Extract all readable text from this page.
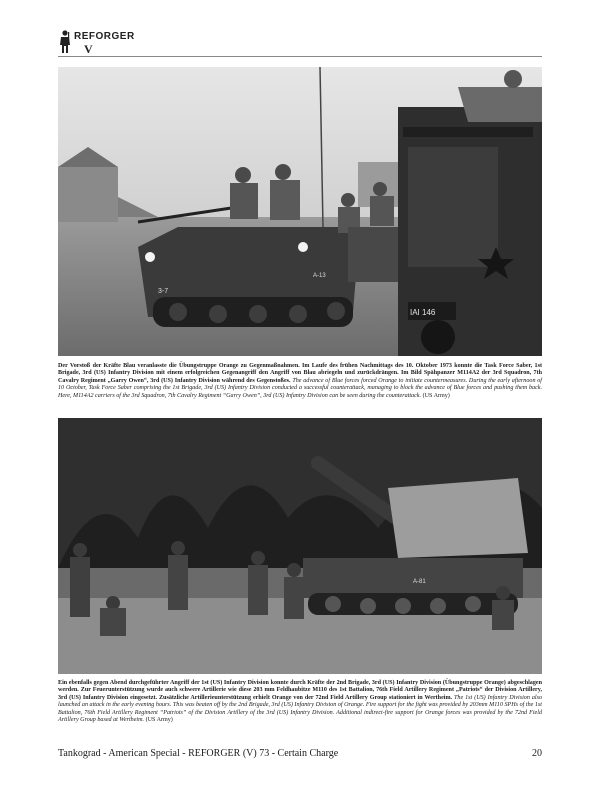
REFORGER
V
3-7
A-13
IAI 146
Der Vorstoß der Kräfte Blau veranlasste die Übungstruppe Orange zu Gegenmaßnahmen. Im Laufe des frühen Nachmittags des 10. Oktober 1973 konnte die Task Force Saber, 1st Brigade, 3rd (US) Infantry Division mit einem erfolgreichen Gegenangriff den Angriff von Blau abriegeln und zurückdrängen. Im Bild Spähpanzer M114A2 der 3rd Squadron, 7th Cavalry Regiment „Garry Owen“, 3rd (US) Infantry Division während des Gegenstoßes. The advance of Blue forces forced Orange to initiate countermeasures. During the early afternoon of 10 October, Task Force Saber comprising the 1st Brigade, 3rd (US) Infantry Division conducted a successful counterattack, managing to block the advance of Blue forces and pushing them back. Here, M114A2 carriers of the 3rd Squadron, 7th Cavalry Regiment “Garry Owen”, 3rd (US) Infantry Division can be seen during the counterattack. (US Army)
A-81
Ein ebenfalls gegen Abend durchgeführter Angriff der 1st (US) Infantry Division konnte durch Kräfte der 2nd Brigade, 3rd (US) Infantry Division (Übungstruppe Orange) abgeschlagen werden. Zur Feuerunterstützung wurde auch schwere Artillerie wie diese 203 mm Feldhaubitze M110 des 1st Battalion, 76th Field Artillery Regiment „Patriots“ der Division Artillery, 3rd (US) Infantry Division eingesetzt. Zusätzliche Artillerieunterstützung erhielt Orange von der 72nd Field Artillery Group stationiert in Wertheim. The 1st (US) Infantry Division also launched an attack in the early evening hours. This was beaten off by the 2nd Brigade, 3rd (US) Infantry Division of Orange. Fire support for the fight was provided by 203mm M110 SPHs of the 1st Battalion, 76th Field Artillery Regiment “Patriots” of the Division Artillery of the 3rd (US) Infantry Division. Additional indirect-fire support for Orange forces was provided by the 72nd Field Artillery Group based at Wertheim. (US Army)
Tankograd - American Special - REFORGER (V) 73 - Certain Charge	20
